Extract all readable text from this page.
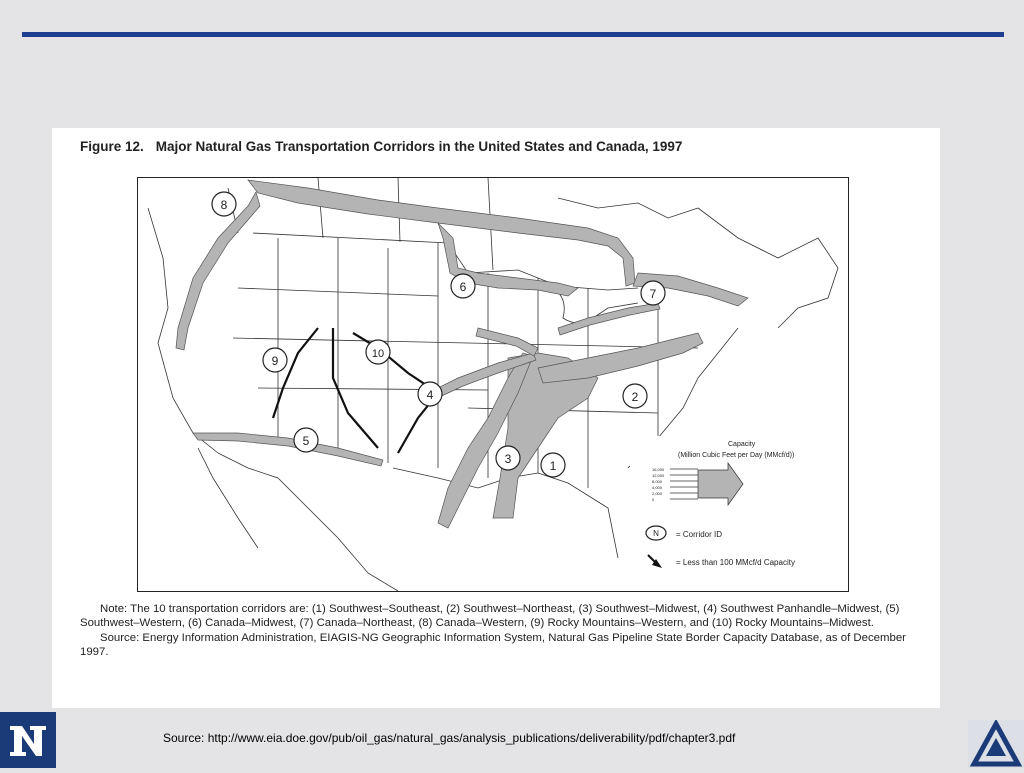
Figure 12. Major Natural Gas Transportation Corridors in the United States and Canada, 1997
8
6	7
9	10
4	2
5
3	1
Capacity
(Million Cubic Feet per Day (MMcf/d))
16,000
12,000
8,000
4,000
2,000
0
N = Corridor ID
= Less than 100 MMcf/d Capacity

Note: The 10 transportation corridors are: (1) Southwest–Southeast, (2) Southwest–Northeast, (3) Southwest–Midwest, (4) Southwest Panhandle–Midwest, (5) Southwest–Western, (6) Canada–Midwest, (7) Canada–Northeast, (8) Canada–Western, (9) Rocky Mountains–Western, and (10) Rocky Mountains–Midwest.

Source: Energy Information Administration, EIAGIS-NG Geographic Information System, Natural Gas Pipeline State Border Capacity Database, as of December 1997.

Source: http://www.eia.doe.gov/pub/oil_gas/natural_gas/analysis_publications/deliverability/pdf/chapter3.pdf
